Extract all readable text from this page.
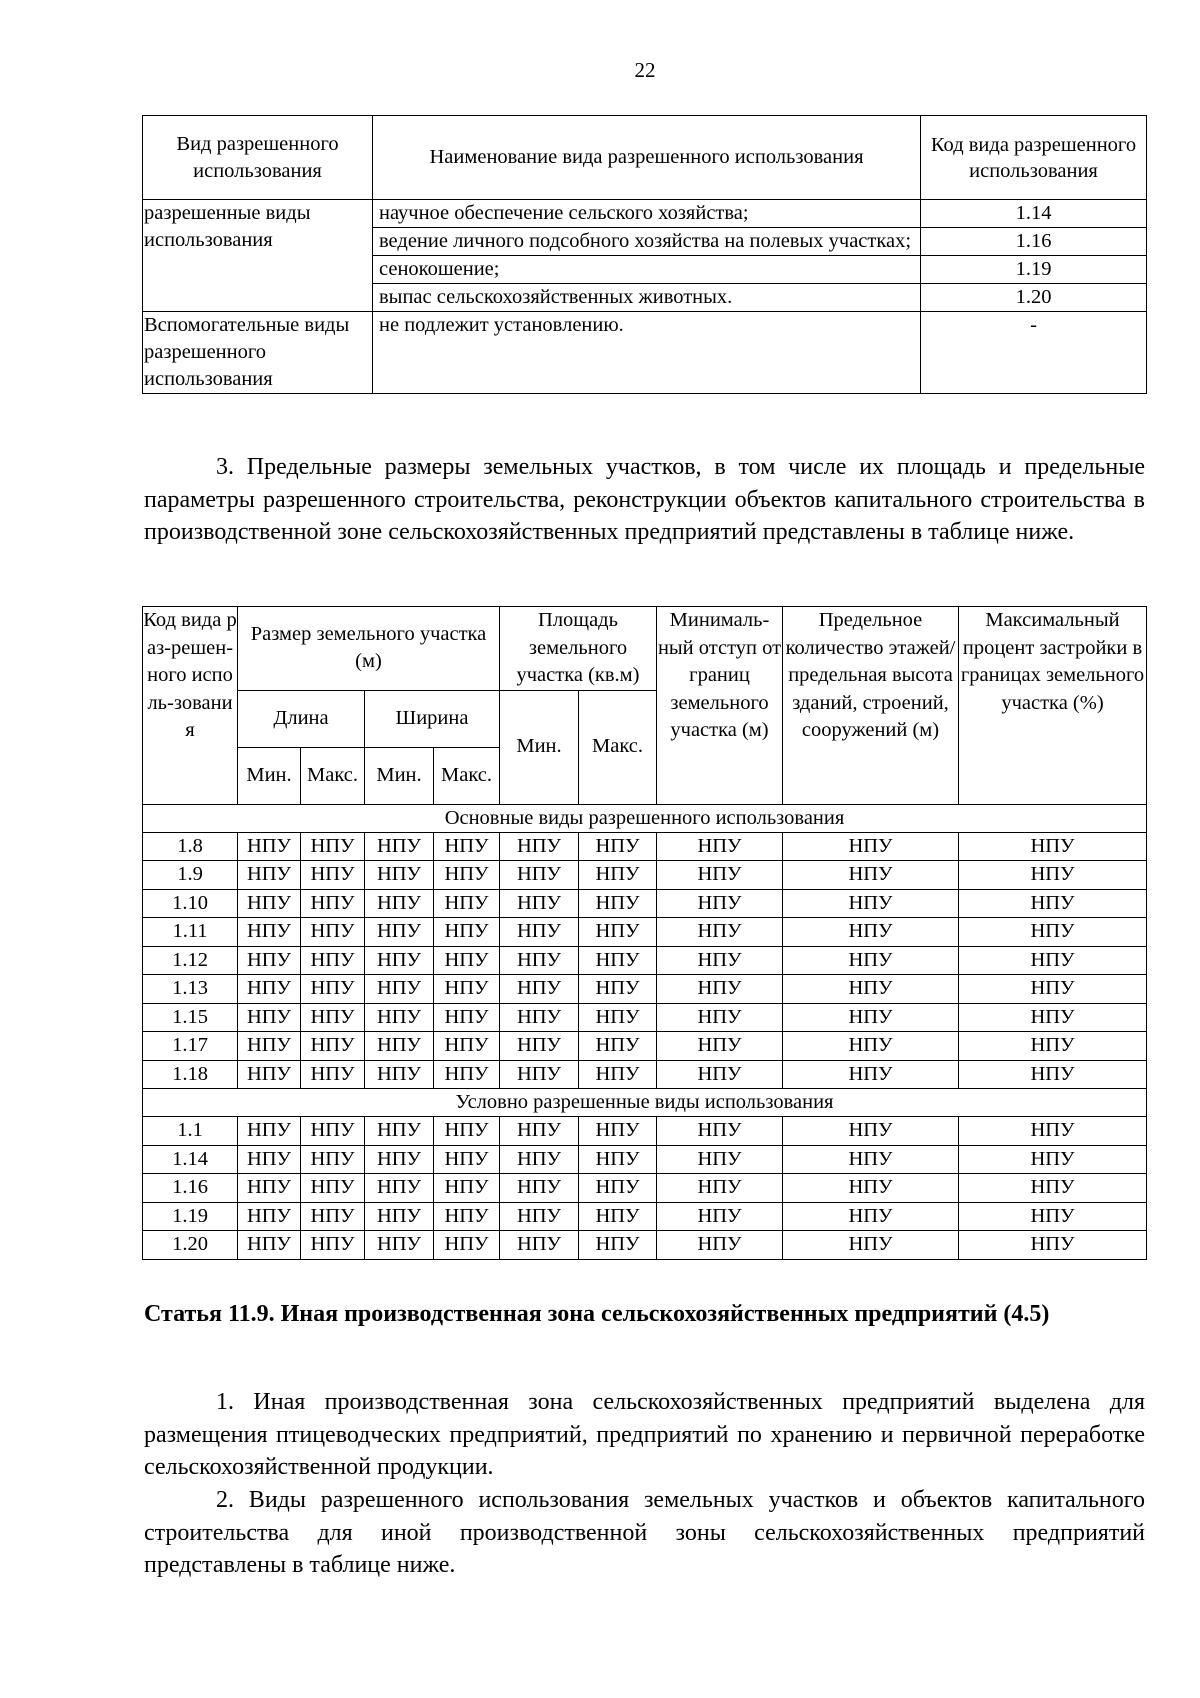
22
Вид разрешенного использования	Наименование вида разрешенного использования	Код вида разрешенного использования
разрешенные виды использования	научное обеспечение сельского хозяйства;	1.14
	ведение личного подсобного хозяйства на полевых участках;	1.16
	сенокошение;	1.19
	выпас сельскохозяйственных животных.	1.20
Вспомогательные виды разрешенного использования	не подлежит установлению.	-

3. Предельные размеры земельных участков, в том числе их площадь и предельные параметры разрешенного строительства, реконструкции объектов капитального строительства в производственной зоне сельскохозяйственных предприятий представлены в таблице ниже.

Код вида раз-решен-ного исполь-зования	Размер земельного участка (м)				Площадь земельного участка (кв.м)		Минималь-ный отступ от границ земельного участка (м)	Предельное количество этажей/ предельная высота зданий, строений, сооружений (м)	Максимальный процент застройки в границах земельного участка (%)
	Длина		Ширина		Мин.	Макс.			
	Мин.	Макс.	Мин.	Макс.					
Основные виды разрешенного использования									
1.8	НПУ	НПУ	НПУ	НПУ	НПУ	НПУ	НПУ	НПУ	НПУ
1.9	НПУ	НПУ	НПУ	НПУ	НПУ	НПУ	НПУ	НПУ	НПУ
1.10	НПУ	НПУ	НПУ	НПУ	НПУ	НПУ	НПУ	НПУ	НПУ
1.11	НПУ	НПУ	НПУ	НПУ	НПУ	НПУ	НПУ	НПУ	НПУ
1.12	НПУ	НПУ	НПУ	НПУ	НПУ	НПУ	НПУ	НПУ	НПУ
1.13	НПУ	НПУ	НПУ	НПУ	НПУ	НПУ	НПУ	НПУ	НПУ
1.15	НПУ	НПУ	НПУ	НПУ	НПУ	НПУ	НПУ	НПУ	НПУ
1.17	НПУ	НПУ	НПУ	НПУ	НПУ	НПУ	НПУ	НПУ	НПУ
1.18	НПУ	НПУ	НПУ	НПУ	НПУ	НПУ	НПУ	НПУ	НПУ
Условно разрешенные виды использования									
1.1	НПУ	НПУ	НПУ	НПУ	НПУ	НПУ	НПУ	НПУ	НПУ
1.14	НПУ	НПУ	НПУ	НПУ	НПУ	НПУ	НПУ	НПУ	НПУ
1.16	НПУ	НПУ	НПУ	НПУ	НПУ	НПУ	НПУ	НПУ	НПУ
1.19	НПУ	НПУ	НПУ	НПУ	НПУ	НПУ	НПУ	НПУ	НПУ
1.20	НПУ	НПУ	НПУ	НПУ	НПУ	НПУ	НПУ	НПУ	НПУ

Статья 11.9. Иная производственная зона сельскохозяйственных предприятий (4.5)

1. Иная производственная зона сельскохозяйственных предприятий выделена для размещения птицеводческих предприятий, предприятий по хранению и первичной переработке сельскохозяйственной продукции.

2. Виды разрешенного использования земельных участков и объектов капитального строительства для иной производственной зоны сельскохозяйственных предприятий представлены в таблице ниже.
